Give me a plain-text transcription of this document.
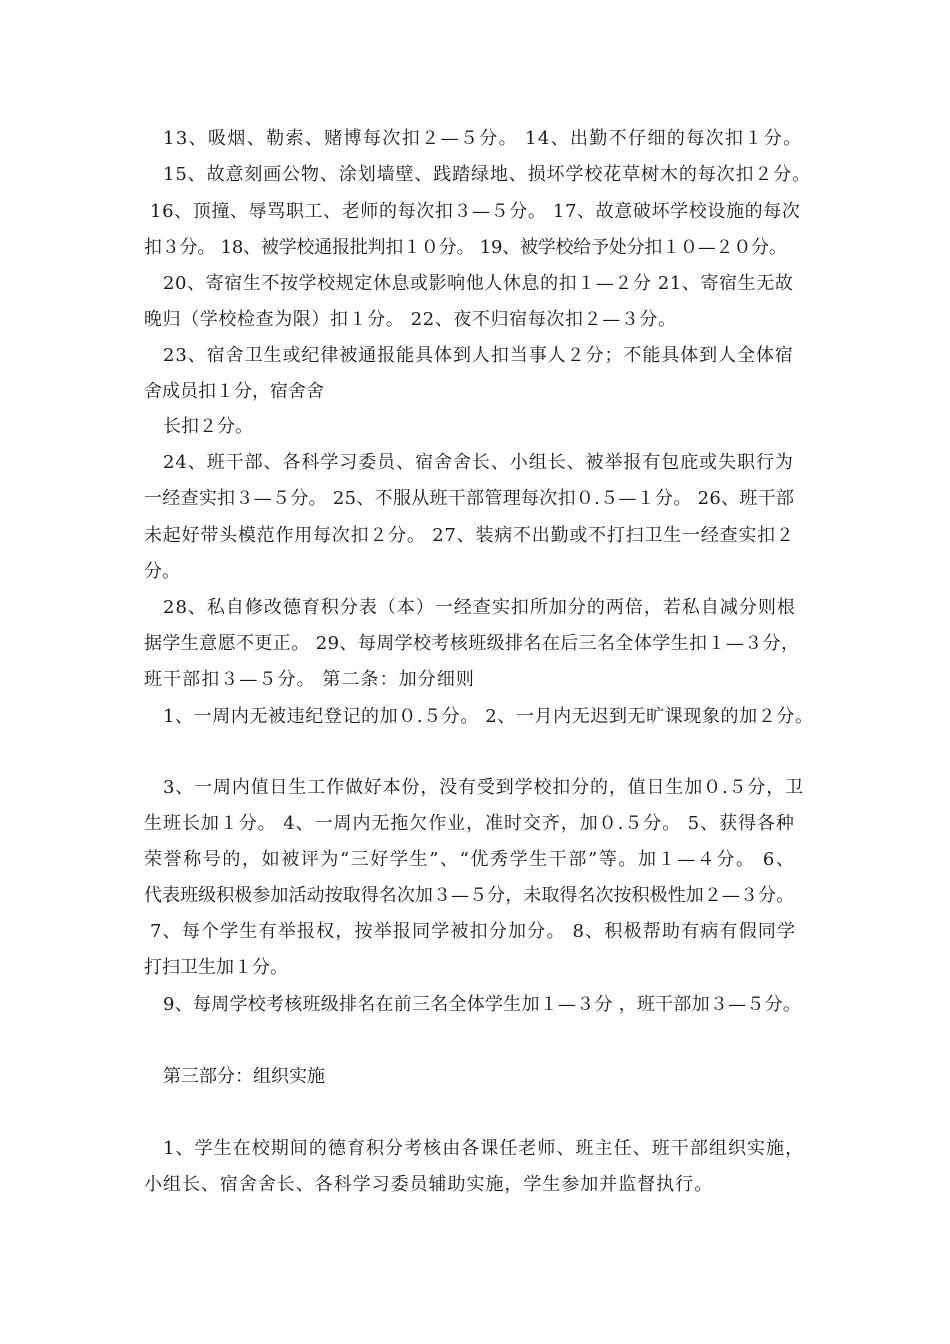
13、吸烟、勒索、赌博每次扣２—５分。 14、出勤不仔细的每次扣１分。
15、故意刻画公物、涂划墙壁、践踏绿地、损坏学校花草树木的每次扣２分。
16、顶撞、辱骂职工、老师的每次扣３—５分。 17、故意破坏学校设施的每次
扣３分。 18、被学校通报批判扣１０分。 19、被学校给予处分扣１０—２０分。
20、寄宿生不按学校规定休息或影响他人休息的扣１—２分 21、寄宿生无故
晚归（学校检查为限）扣１分。 22、夜不归宿每次扣２—３分。
23、宿舍卫生或纪律被通报能具体到人扣当事人２分；不能具体到人全体宿
舍成员扣１分，宿舍舍
长扣２分。
24、班干部、各科学习委员、宿舍舍长、小组长、被举报有包庇或失职行为
一经查实扣３—５分。 25、不服从班干部管理每次扣０.５—１分。 26、班干部
未起好带头模范作用每次扣２分。 27、装病不出勤或不打扫卫生一经查实扣２
分。
28、私自修改德育积分表（本）一经查实扣所加分的两倍，若私自减分则根
据学生意愿不更正。 29、每周学校考核班级排名在后三名全体学生扣１—３分，
班干部扣３—５分。 第二条：加分细则
1、一周内无被违纪登记的加０.５分。 2、一月内无迟到无旷课现象的加２分。
3、一周内值日生工作做好本份，没有受到学校扣分的，值日生加０.５分，卫
生班长加１分。 4、一周内无拖欠作业，准时交齐，加０.５分。 5、获得各种
荣誉称号的，如被评为“三好学生”、“优秀学生干部”等。加１—４分。 6、
代表班级积极参加活动按取得名次加３—５分，未取得名次按积极性加２—３分。
7、每个学生有举报权，按举报同学被扣分加分。 8、积极帮助有病有假同学
打扫卫生加１分。
9、每周学校考核班级排名在前三名全体学生加１—３分 ，班干部加３—５分。
第三部分：组织实施
1、学生在校期间的德育积分考核由各课任老师、班主任、班干部组织实施，
小组长、宿舍舍长、各科学习委员辅助实施，学生参加并监督执行。
